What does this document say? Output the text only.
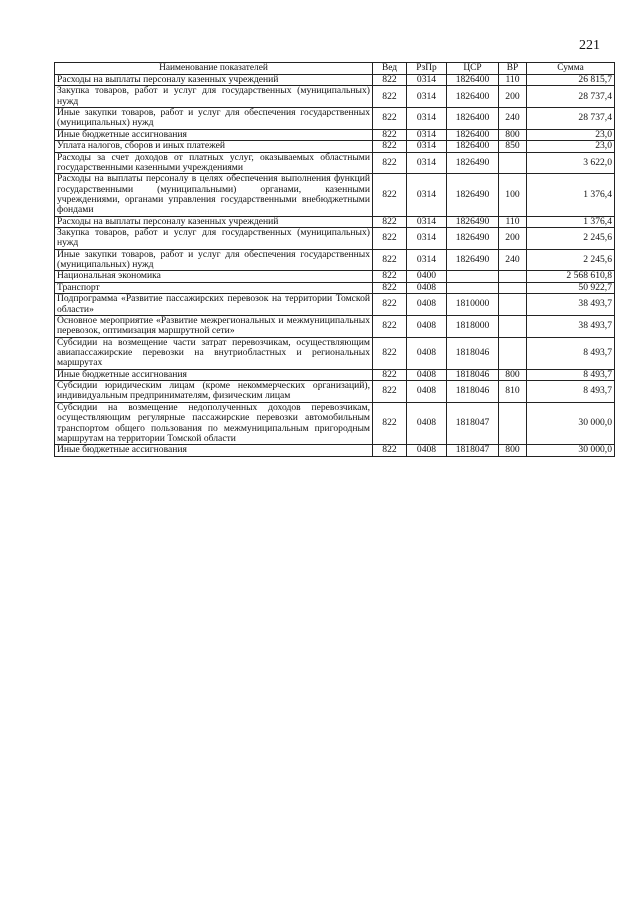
221
Наименование показателей	Вед	РзПр	ЦСР	ВР	Сумма
Расходы на выплаты персоналу казенных учреждений	822	0314	1826400	110	26 815,7
Закупка товаров, работ и услуг для государственных (муниципальных) нужд	822	0314	1826400	200	28 737,4
Иные закупки товаров, работ и услуг для обеспечения государственных (муниципальных) нужд	822	0314	1826400	240	28 737,4
Иные бюджетные ассигнования	822	0314	1826400	800	23,0
Уплата налогов, сборов и иных платежей	822	0314	1826400	850	23,0
Расходы за счет доходов от платных услуг, оказываемых областными государственными казенными учреждениями	822	0314	1826490		3 622,0
Расходы на выплаты персоналу в целях обеспечения выполнения функций государственными (муниципальными) органами, казенными учреждениями, органами управления государственными внебюджетными фондами	822	0314	1826490	100	1 376,4
Расходы на выплаты персоналу казенных учреждений	822	0314	1826490	110	1 376,4
Закупка товаров, работ и услуг для государственных (муниципальных) нужд	822	0314	1826490	200	2 245,6
Иные закупки товаров, работ и услуг для обеспечения государственных (муниципальных) нужд	822	0314	1826490	240	2 245,6
Национальная экономика	822	0400			2 568 610,8
Транспорт	822	0408			50 922,7
Подпрограмма «Развитие пассажирских перевозок на территории Томской области»	822	0408	1810000		38 493,7
Основное мероприятие «Развитие межрегиональных и межмуниципальных перевозок, оптимизация маршрутной сети»	822	0408	1818000		38 493,7
Субсидии на возмещение части затрат перевозчикам, осуществляющим авиапассажирские перевозки на внутриобластных и региональных маршрутах	822	0408	1818046		8 493,7
Иные бюджетные ассигнования	822	0408	1818046	800	8 493,7
Субсидии юридическим лицам (кроме некоммерческих организаций), индивидуальным предпринимателям, физическим лицам	822	0408	1818046	810	8 493,7
Субсидии на возмещение недополученных доходов перевозчикам, осуществляющим регулярные пассажирские перевозки автомобильным транспортом общего пользования по межмуниципальным пригородным маршрутам на территории Томской области	822	0408	1818047		30 000,0
Иные бюджетные ассигнования	822	0408	1818047	800	30 000,0
